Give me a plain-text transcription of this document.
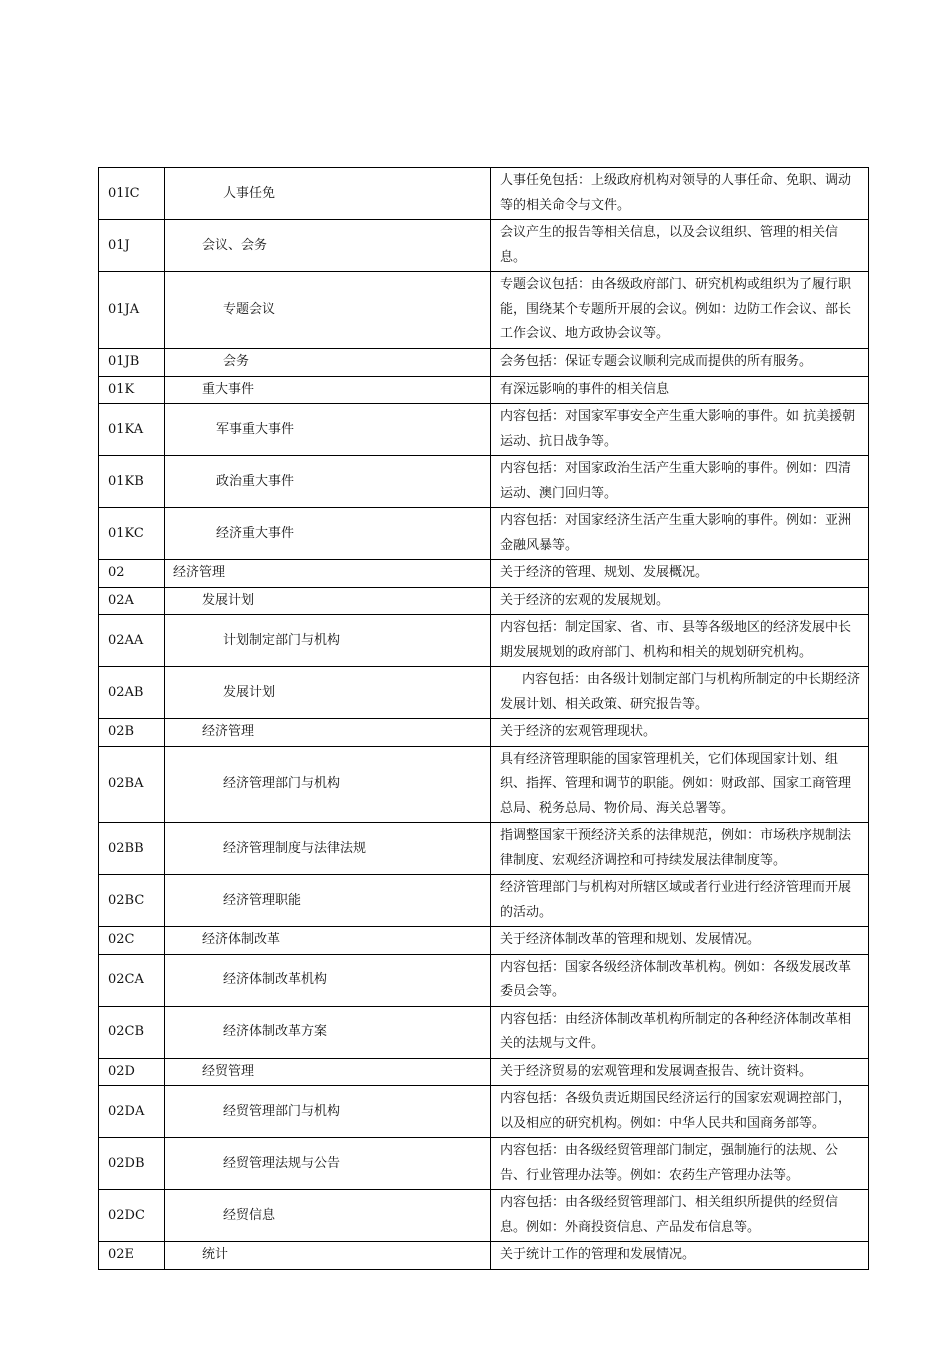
01IC	人事任免	人事任免包括：上级政府机构对领导的人事任命、免职、调动等的相关命令与文件。
01J	会议、会务	会议产生的报告等相关信息，以及会议组织、管理的相关信息。
01JA	专题会议	专题会议包括：由各级政府部门、研究机构或组织为了履行职能，围绕某个专题所开展的会议。例如：边防工作会议、部长工作会议、地方政协会议等。
01JB	会务	会务包括：保证专题会议顺利完成而提供的所有服务。
01K	重大事件	有深远影响的事件的相关信息
01KA	军事重大事件	内容包括：对国家军事安全产生重大影响的事件。如 抗美援朝运动、抗日战争等。
01KB	政治重大事件	内容包括：对国家政治生活产生重大影响的事件。例如：四清运动、澳门回归等。
01KC	经济重大事件	内容包括：对国家经济生活产生重大影响的事件。例如：亚洲金融风暴等。
02	经济管理	关于经济的管理、规划、发展概况。
02A	发展计划	关于经济的宏观的发展规划。
02AA	计划制定部门与机构	内容包括：制定国家、省、市、县等各级地区的经济发展中长期发展规划的政府部门、机构和相关的规划研究机构。
02AB	发展计划	内容包括：由各级计划制定部门与机构所制定的中长期经济发展计划、相关政策、研究报告等。
02B	经济管理	关于经济的宏观管理现状。
02BA	经济管理部门与机构	具有经济管理职能的国家管理机关，它们体现国家计划、组织、指挥、管理和调节的职能。例如：财政部、国家工商管理总局、税务总局、物价局、海关总署等。
02BB	经济管理制度与法律法规	指调整国家干预经济关系的法律规范，例如：市场秩序规制法律制度、宏观经济调控和可持续发展法律制度等。
02BC	经济管理职能	经济管理部门与机构对所辖区域或者行业进行经济管理而开展的活动。
02C	经济体制改革	关于经济体制改革的管理和规划、发展情况。
02CA	经济体制改革机构	内容包括：国家各级经济体制改革机构。例如：各级发展改革委员会等。
02CB	经济体制改革方案	内容包括：由经济体制改革机构所制定的各种经济体制改革相关的法规与文件。
02D	经贸管理	关于经济贸易的宏观管理和发展调查报告、统计资料。
02DA	经贸管理部门与机构	内容包括：各级负责近期国民经济运行的国家宏观调控部门，以及相应的研究机构。例如：中华人民共和国商务部等。
02DB	经贸管理法规与公告	内容包括：由各级经贸管理部门制定，强制施行的法规、公告、行业管理办法等。例如：农药生产管理办法等。
02DC	经贸信息	内容包括：由各级经贸管理部门、相关组织所提供的经贸信息。例如：外商投资信息、产品发布信息等。
02E	统计	关于统计工作的管理和发展情况。
